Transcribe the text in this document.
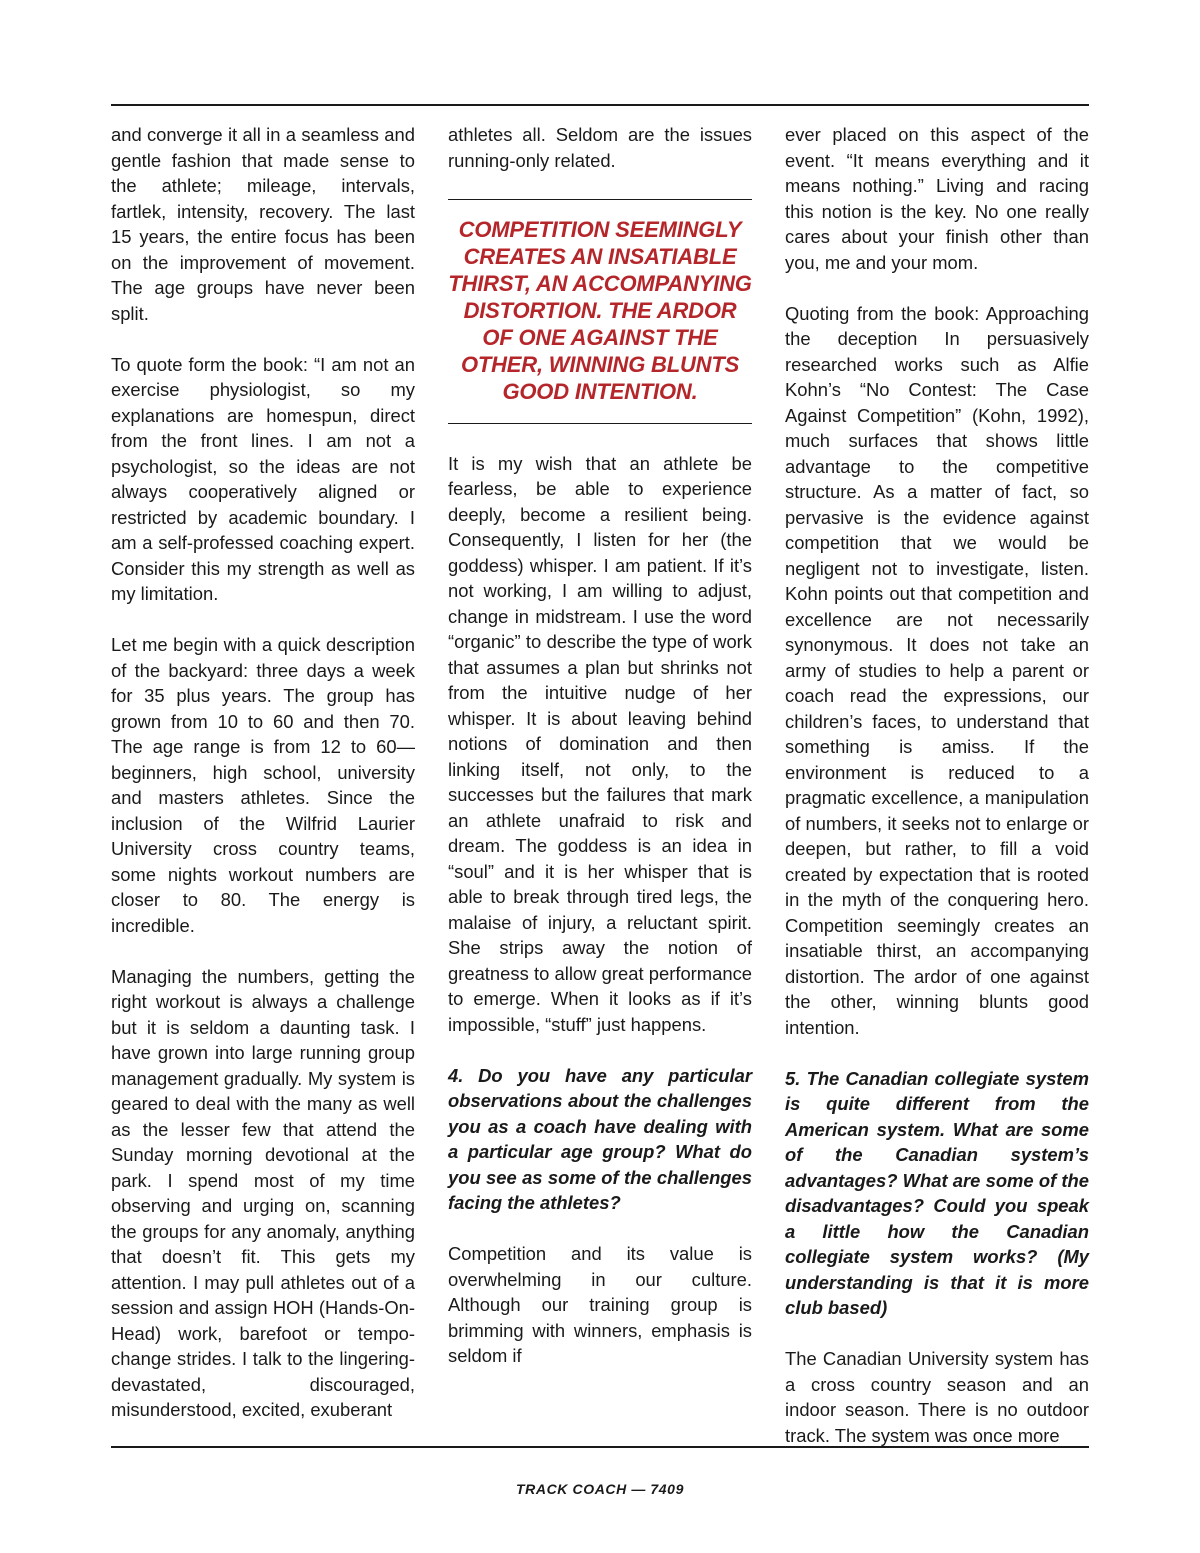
and converge it all in a seamless and gentle fashion that made sense to the athlete; mileage, intervals, fartlek, intensity, recovery. The last 15 years, the entire focus has been on the improvement of movement. The age groups have never been split.

To quote form the book: “I am not an exercise physiologist, so my explanations are homespun, direct from the front lines. I am not a psychologist, so the ideas are not always cooperatively aligned or restricted by academic boundary. I am a self-professed coaching expert. Consider this my strength as well as my limitation.

Let me begin with a quick description of the backyard: three days a week for 35 plus years. The group has grown from 10 to 60 and then 70. The age range is from 12 to 60—beginners, high school, university and masters athletes. Since the inclusion of the Wilfrid Laurier University cross country teams, some nights workout numbers are closer to 80. The energy is incredible.

Managing the numbers, getting the right workout is always a challenge but it is seldom a daunting task. I have grown into large running group management gradually. My system is geared to deal with the many as well as the lesser few that attend the Sunday morning devotional at the park. I spend most of my time observing and urging on, scanning the groups for any anomaly, anything that doesn’t fit. This gets my attention. I may pull athletes out of a session and assign HOH (Hands-On-Head) work, barefoot or tempo-change strides. I talk to the lingering-devastated, discouraged, misunderstood, excited, exuberant

athletes all. Seldom are the issues running-only related.

COMPETITION SEEMINGLY CREATES AN INSATIABLE THIRST, AN ACCOMPANYING DISTORTION. THE ARDOR OF ONE AGAINST THE OTHER, WINNING BLUNTS GOOD INTENTION.

It is my wish that an athlete be fearless, be able to experience deeply, become a resilient being. Consequently, I listen for her (the goddess) whisper. I am patient. If it’s not working, I am willing to adjust, change in midstream. I use the word “organic” to describe the type of work that assumes a plan but shrinks not from the intuitive nudge of her whisper. It is about leaving behind notions of domination and then linking itself, not only, to the successes but the failures that mark an athlete unafraid to risk and dream. The goddess is an idea in “soul” and it is her whisper that is able to break through tired legs, the malaise of injury, a reluctant spirit. She strips away the notion of greatness to allow great performance to emerge. When it looks as if it’s impossible, “stuff” just happens.

4. Do you have any particular observations about the challenges you as a coach have dealing with a particular age group? What do you see as some of the challenges facing the athletes?

Competition and its value is overwhelming in our culture. Although our training group is brimming with winners, emphasis is seldom if

ever placed on this aspect of the event. “It means everything and it means nothing.” Living and racing this notion is the key. No one really cares about your finish other than you, me and your mom.

Quoting from the book: Approaching the deception In persuasively researched works such as Alfie Kohn’s “No Contest: The Case Against Competition” (Kohn, 1992), much surfaces that shows little advantage to the competitive structure. As a matter of fact, so pervasive is the evidence against competition that we would be negligent not to investigate, listen. Kohn points out that competition and excellence are not necessarily synonymous. It does not take an army of studies to help a parent or coach read the expressions, our children’s faces, to understand that something is amiss. If the environment is reduced to a pragmatic excellence, a manipulation of numbers, it seeks not to enlarge or deepen, but rather, to fill a void created by expectation that is rooted in the myth of the conquering hero. Competition seemingly creates an insatiable thirst, an accompanying distortion. The ardor of one against the other, winning blunts good intention.

5. The Canadian collegiate system is quite different from the American system. What are some of the Canadian system’s advantages? What are some of the disadvantages? Could you speak a little how the Canadian collegiate system works? (My understanding is that it is more club based)

The Canadian University system has a cross country season and an indoor season. There is no outdoor track. The system was once more

TRACK COACH — 7409
